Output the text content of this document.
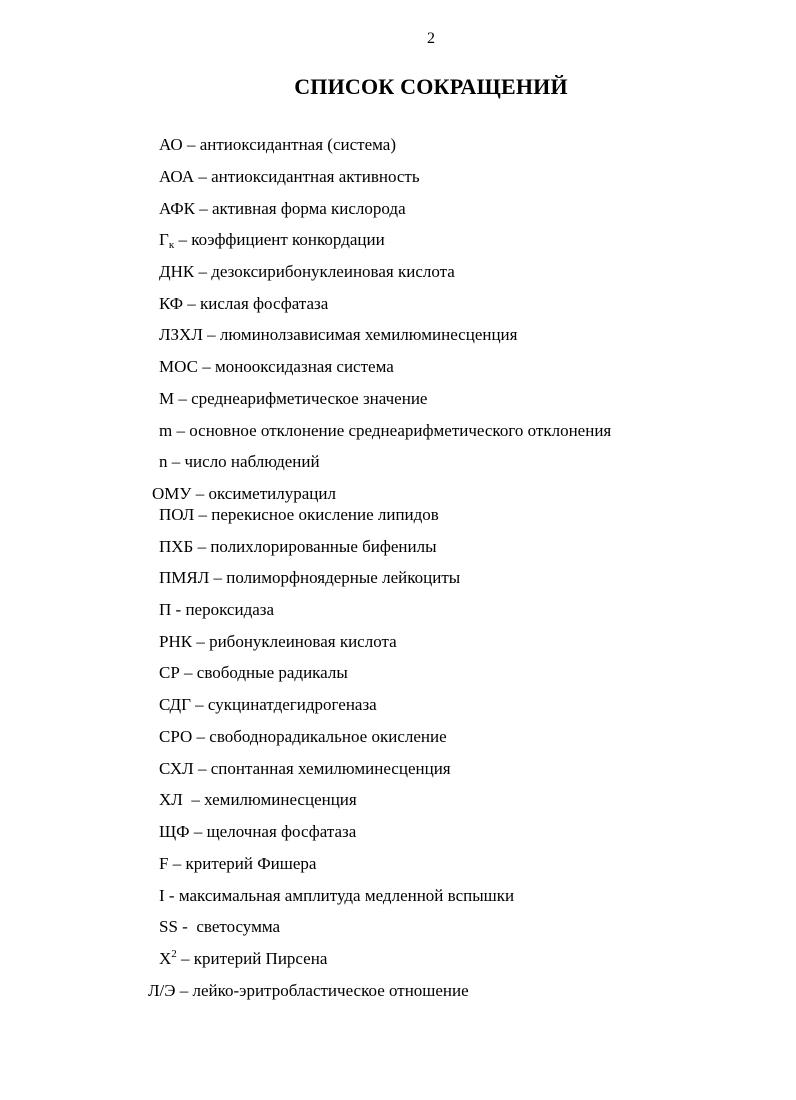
2
СПИСОК СОКРАЩЕНИЙ
АО – антиоксидантная (система)
АОА – антиоксидантная активность
АФК – активная форма кислорода
$Г_к$ – коэффициент конкордации
ДНК – дезоксирибонуклеиновая кислота
КФ – кислая фосфатаза
ЛЗХЛ – люминолзависимая хемилюминесценция
МОС – монооксидазная система
М – среднеарифметическое значение
m – основное отклонение среднеарифметического отклонения
n – число наблюдений
ОМУ – оксиметилурацил
ПОЛ – перекисное окисление липидов
ПХБ – полихлорированные бифенилы
ПМЯЛ – полиморфноядерные лейкоциты
П - пероксидаза
РНК – рибонуклеиновая кислота
СР – свободные радикалы
СДГ – сукцинатдегидрогеназа
СРО – свободнорадикальное окисление
СХЛ – спонтанная хемилюминесценция
ХЛ  – хемилюминесценция
ЩФ – щелочная фосфатаза
F – критерий Фишера
I - максимальная амплитуда медленной вспышки
SS -  светосумма
$X^2$ – критерий Пирсена
Л/Э – лейко-эритробластическое отношение
